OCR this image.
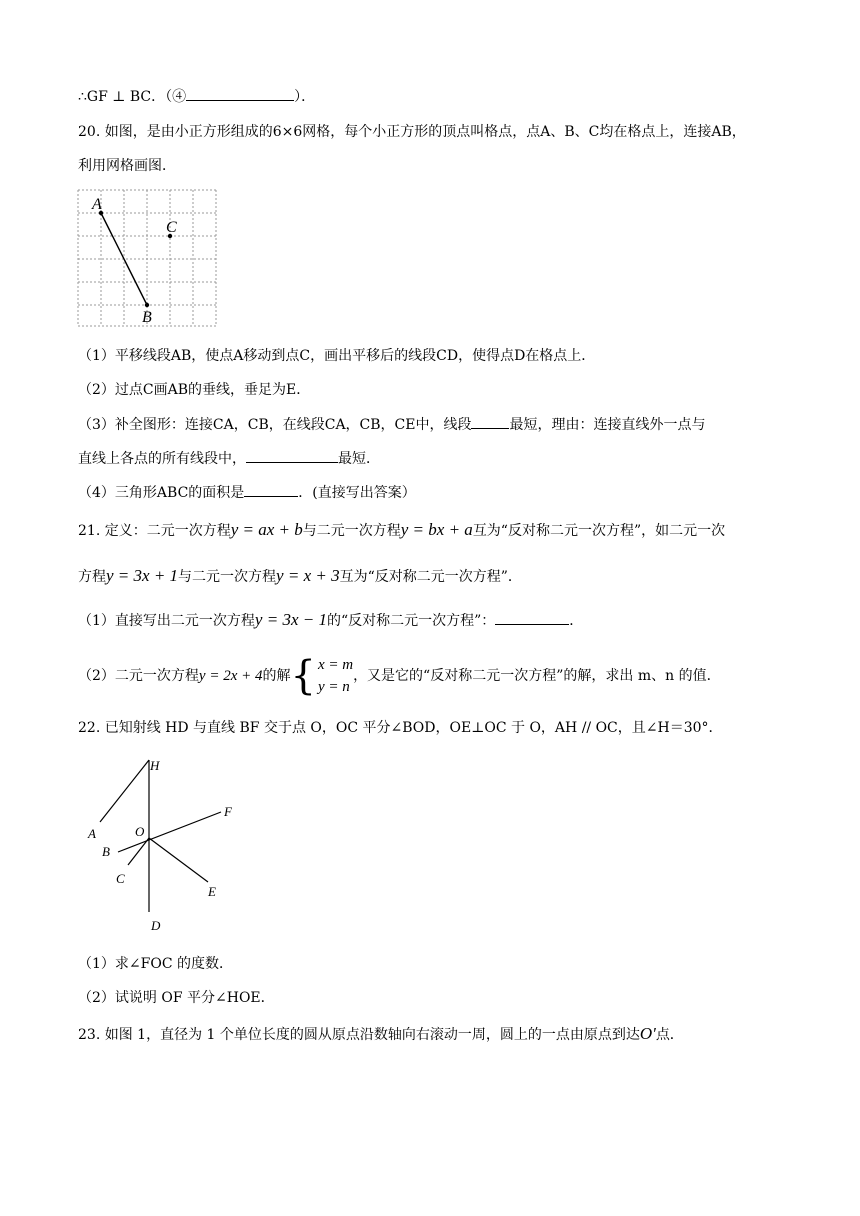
∴GF ⊥ BC．（④	）．
20. 如图，是由小正方形组成的6×6网格，每个小正方形的顶点叫格点，点A、B、C均在格点上，连接AB，
利用网格画图．
A
B
C
（1）平移线段AB，使点A移动到点C，画出平移后的线段CD，使得点D在格点上．
（2）过点C画AB的垂线，垂足为E．
（3）补全图形：连接CA，CB，在线段CA，CB，CE中，线段	最短，理由：连接直线外一点与
直线上各点的所有线段中，	最短．
（4）三角形ABC的面积是	．(直接写出答案）
21. 定义：二元一次方程y = ax + b与二元一次方程y = bx + a互为“反对称二元一次方程”，如二元一次
方程y = 3x + 1与二元一次方程y = x + 3互为“反对称二元一次方程”．
（1）直接写出二元一次方程y = 3x − 1的“反对称二元一次方程”：	．
（2）二元一次方程y = 2x + 4的解 { x = m
y = n
，又是它的“反对称二元一次方程”的解，求出 m、n 的值．
22. 已知射线 HD 与直线 BF 交于点 O，OC 平分∠BOD，OE⊥OC 于 O，AH // OC，且∠H＝30°．
H
F
A	O
B
C
E
D
（1）求∠FOC 的度数．
（2）试说明 OF 平分∠HOE．
23. 如图 1，直径为 1 个单位长度的圆从原点沿数轴向右滚动一周，圆上的一点由原点到达O'点．
